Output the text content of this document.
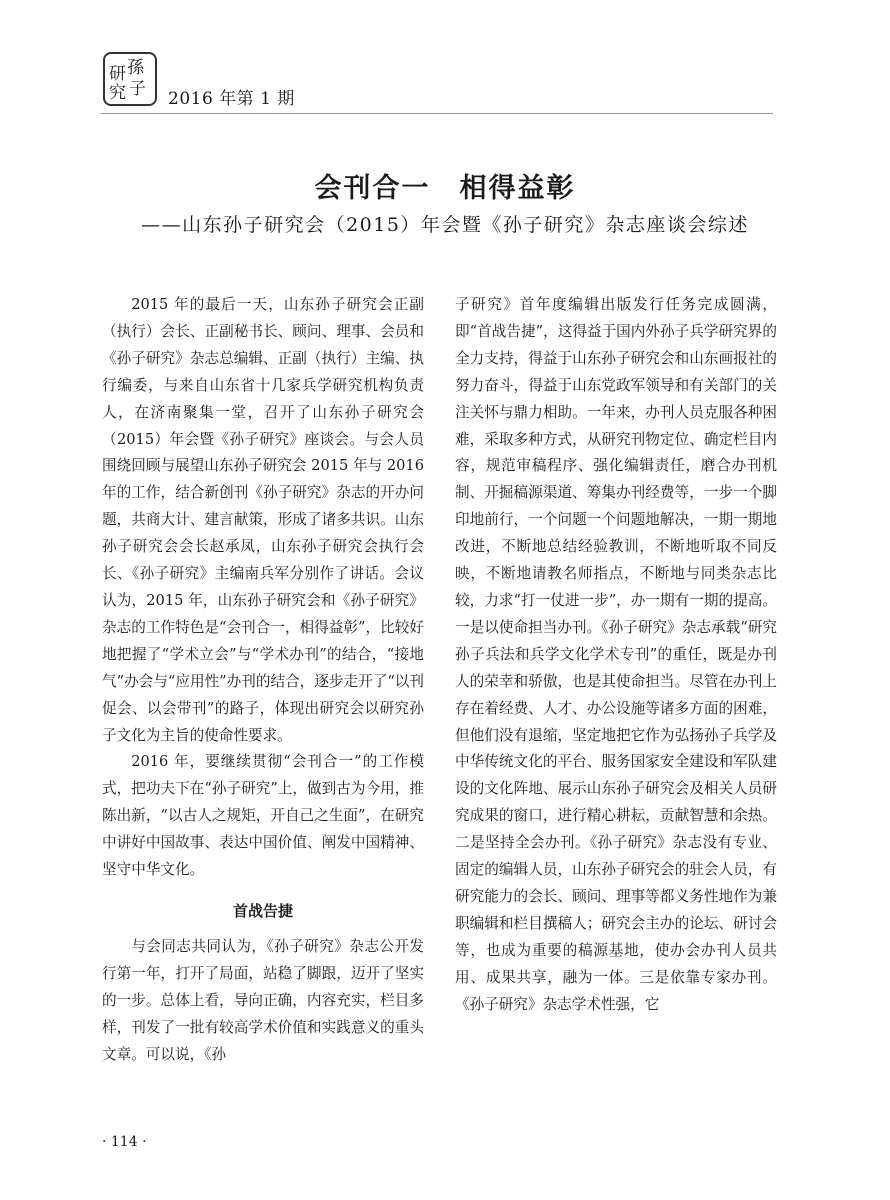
孫
研
究 子 2016 年第 1 期
会刊合一　相得益彰
——山东孙子研究会（2015）年会暨《孙子研究》杂志座谈会综述

2015 年的最后一天，山东孙子研究会正副（执行）会长、正副秘书长、顾问、理事、会员和《孙子研究》杂志总编辑、正副（执行）主编、执行编委，与来自山东省十几家兵学研究机构负责人，在济南聚集一堂，召开了山东孙子研究会（2015）年会暨《孙子研究》座谈会。与会人员围绕回顾与展望山东孙子研究会 2015 年与 2016 年的工作，结合新创刊《孙子研究》杂志的开办问题，共商大计、建言献策，形成了诸多共识。山东孙子研究会会长赵承凤，山东孙子研究会执行会长、《孙子研究》主编南兵军分别作了讲话。会议认为，2015 年，山东孙子研究会和《孙子研究》杂志的工作特色是“会刊合一，相得益彰”，比较好地把握了“学术立会”与“学术办刊”的结合，“接地气”办会与“应用性”办刊的结合，逐步走开了“以刊促会、以会带刊”的路子，体现出研究会以研究孙子文化为主旨的使命性要求。

2016 年，要继续贯彻“会刊合一”的工作模式，把功夫下在“孙子研究”上，做到古为今用，推陈出新，“以古人之规矩，开自己之生面”，在研究中讲好中国故事、表达中国价值、阐发中国精神、坚守中华文化。

首战告捷

与会同志共同认为，《孙子研究》杂志公开发行第一年，打开了局面，站稳了脚跟，迈开了坚实的一步。总体上看，导向正确，内容充实，栏目多样，刊发了一批有较高学术价值和实践意义的重头文章。可以说，《孙

子研究》首年度编辑出版发行任务完成圆满，即“首战告捷”，这得益于国内外孙子兵学研究界的全力支持，得益于山东孙子研究会和山东画报社的努力奋斗，得益于山东党政军领导和有关部门的关注关怀与鼎力相助。一年来，办刊人员克服各种困难，采取多种方式，从研究刊物定位、确定栏目内容，规范审稿程序、强化编辑责任，磨合办刊机制、开掘稿源渠道、筹集办刊经费等，一步一个脚印地前行，一个问题一个问题地解决，一期一期地改进，不断地总结经验教训，不断地听取不同反映，不断地请教名师指点，不断地与同类杂志比较，力求“打一仗进一步”，办一期有一期的提高。一是以使命担当办刊。《孙子研究》杂志承载“研究孙子兵法和兵学文化学术专刊”的重任，既是办刊人的荣幸和骄傲，也是其使命担当。尽管在办刊上存在着经费、人才、办公设施等诸多方面的困难，但他们没有退缩，坚定地把它作为弘扬孙子兵学及中华传统文化的平台、服务国家安全建设和军队建设的文化阵地、展示山东孙子研究会及相关人员研究成果的窗口，进行精心耕耘，贡献智慧和余热。二是坚持全会办刊。《孙子研究》杂志没有专业、固定的编辑人员，山东孙子研究会的驻会人员，有研究能力的会长、顾问、理事等都义务性地作为兼职编辑和栏目撰稿人；研究会主办的论坛、研讨会等，也成为重要的稿源基地，使办会办刊人员共用、成果共享，融为一体。三是依靠专家办刊。《孙子研究》杂志学术性强，它

· 114 ·
